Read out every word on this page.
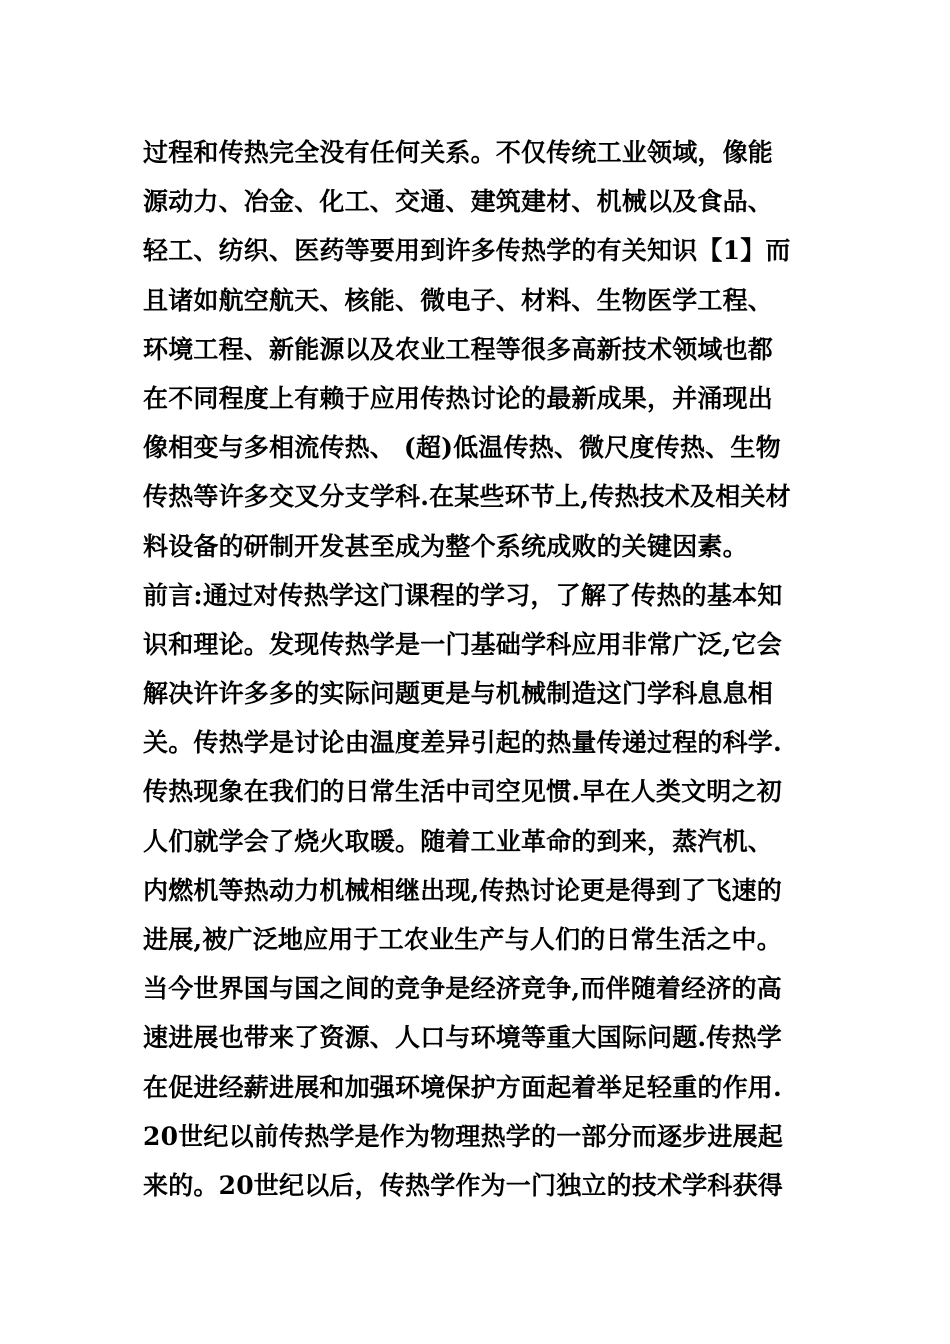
过程和传热完全没有任何关系。不仅传统工业领域，像能
源动力、冶金、化工、交通、建筑建材、机械以及食品、
轻工、纺织、医药等要用到许多传热学的有关知识【1】而
且诸如航空航天、核能、微电子、材料、生物医学工程、
环境工程、新能源以及农业工程等很多高新技术领域也都
在不同程度上有赖于应用传热讨论的最新成果，并涌现出
像相变与多相流传热、 (超)低温传热、微尺度传热、生物
传热等许多交叉分支学科.在某些环节上,传热技术及相关材
料设备的研制开发甚至成为整个系统成败的关键因素。
前言:通过对传热学这门课程的学习，了解了传热的基本知
识和理论。发现传热学是一门基础学科应用非常广泛,它会
解决许许多多的实际问题更是与机械制造这门学科息息相
关。传热学是讨论由温度差异引起的热量传递过程的科学.
传热现象在我们的日常生活中司空见惯.早在人类文明之初
人们就学会了烧火取暖。随着工业革命的到来，蒸汽机、
内燃机等热动力机械相继出现,传热讨论更是得到了飞速的
进展,被广泛地应用于工农业生产与人们的日常生活之中。
当今世界国与国之间的竞争是经济竞争,而伴随着经济的高
速进展也带来了资源、人口与环境等重大国际问题.传热学
在促进经薪进展和加强环境保护方面起着举足轻重的作用.
20世纪以前传热学是作为物理热学的一部分而逐步进展起
来的。20世纪以后，传热学作为一门独立的技术学科获得
